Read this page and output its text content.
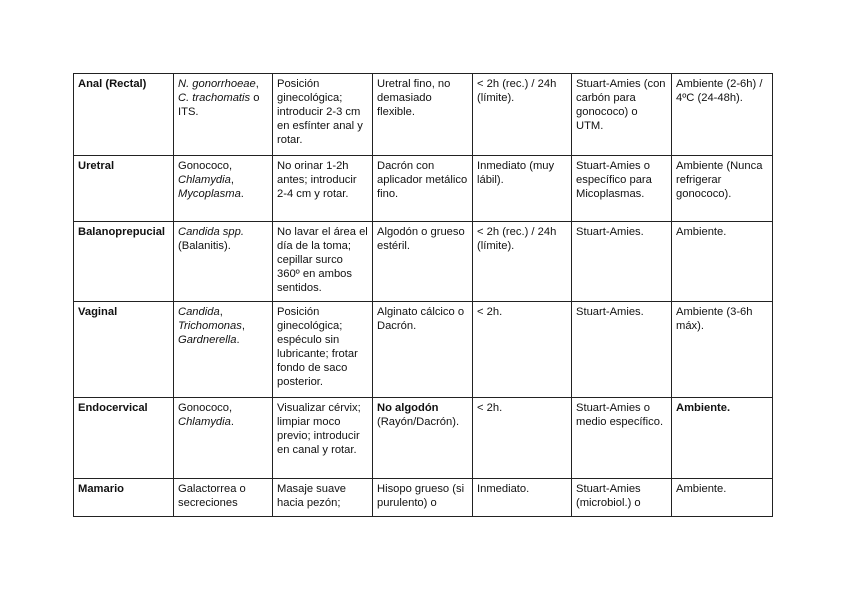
Anal (Rectal)	N. gonorrhoeae, C. trachomatis o ITS.	Posición ginecológica; introducir 2-3 cm en esfínter anal y rotar.	Uretral fino, no demasiado flexible.	< 2h (rec.) / 24h (límite).	Stuart-Amies (con carbón para gonococo) o UTM.	Ambiente (2-6h) / 4ºC (24-48h).
Uretral	Gonococo, Chlamydia, Mycoplasma.	No orinar 1-2h antes; introducir 2-4 cm y rotar.	Dacrón con aplicador metálico fino.	Inmediato (muy lábil).	Stuart-Amies o específico para Micoplasmas.	Ambiente (Nunca refrigerar gonococo).
Balanoprepucial	Candida spp. (Balanitis).	No lavar el área el día de la toma; cepillar surco 360º en ambos sentidos.	Algodón o grueso estéril.	< 2h (rec.) / 24h (límite).	Stuart-Amies.	Ambiente.
Vaginal	Candida, Trichomonas, Gardnerella.	Posición ginecológica; espéculo sin lubricante; frotar fondo de saco posterior.	Alginato cálcico o Dacrón.	< 2h.	Stuart-Amies.	Ambiente (3-6h máx).
Endocervical	Gonococo, Chlamydia.	Visualizar cérvix; limpiar moco previo; introducir en canal y rotar.	No algodón (Rayón/Dacrón).	< 2h.	Stuart-Amies o medio específico.	Ambiente.
Mamario	Galactorrea o secreciones	Masaje suave hacia pezón;	Hisopo grueso (si purulento) o	Inmediato.	Stuart-Amies (microbiol.) o	Ambiente.
